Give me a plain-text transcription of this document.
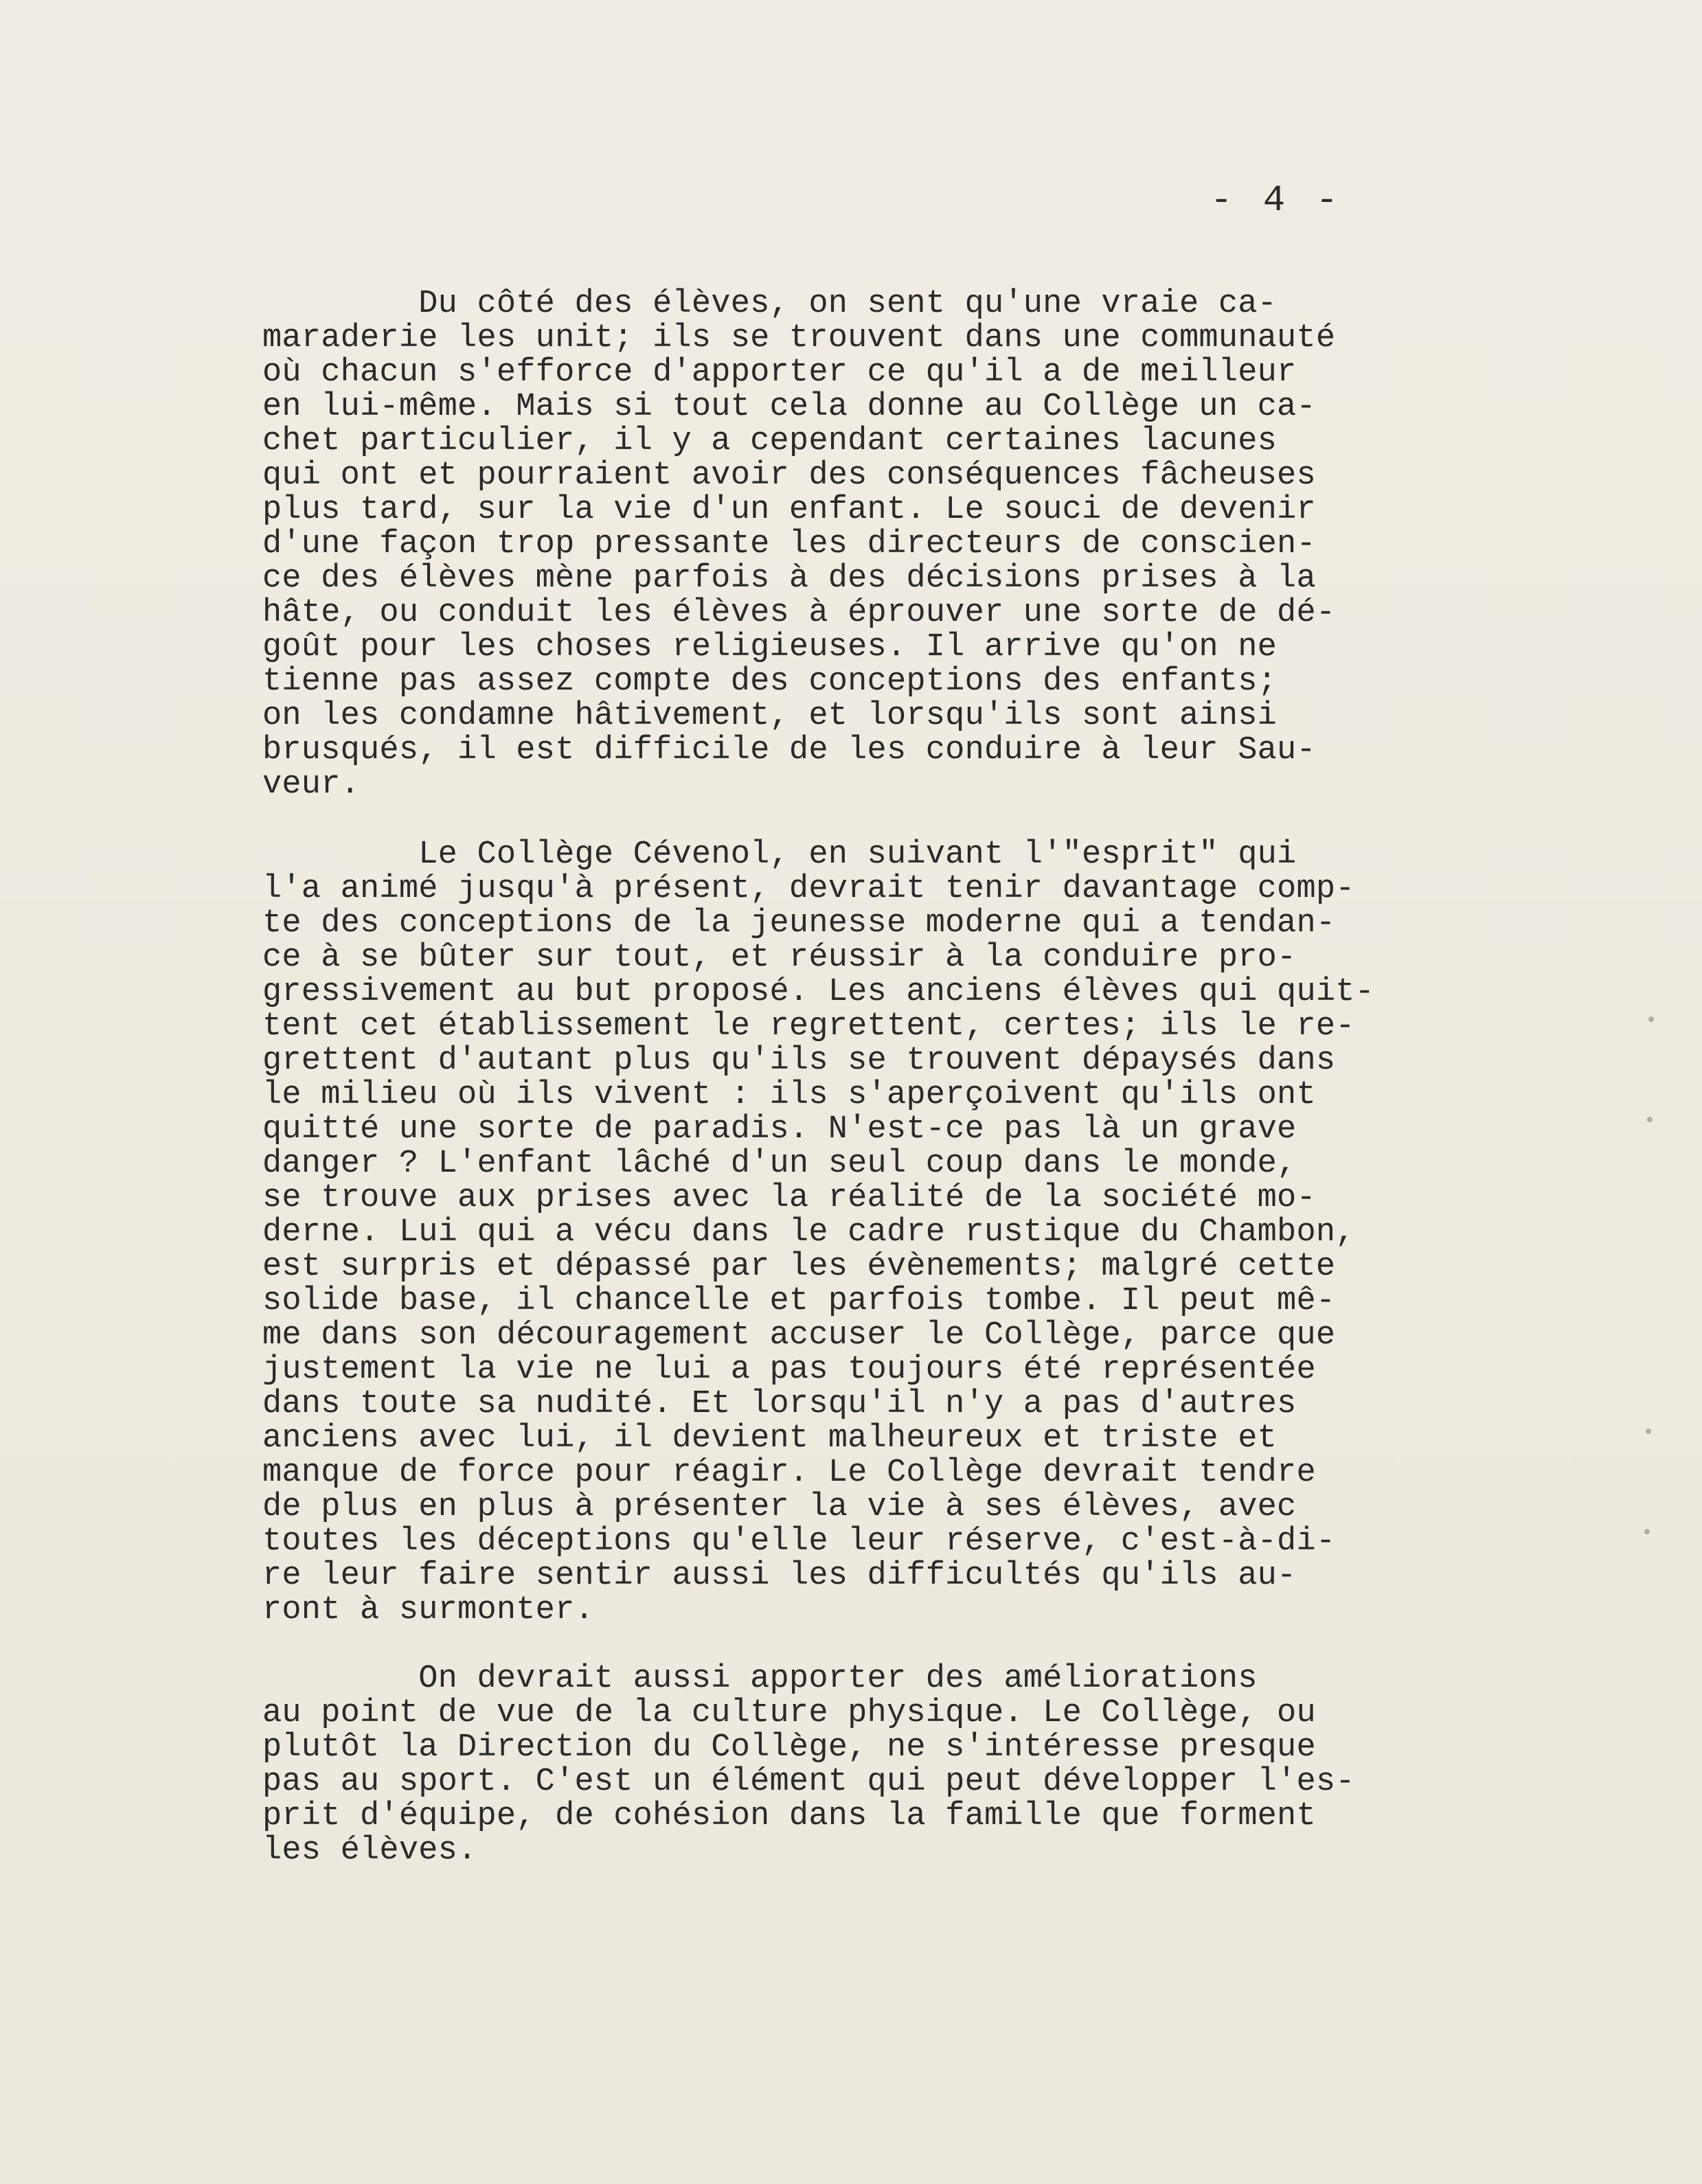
- 4 -
Du côté des élèves, on sent qu'une vraie ca-
maraderie les unit; ils se trouvent dans une communauté
où chacun s'efforce d'apporter ce qu'il a de meilleur
en lui-même. Mais si tout cela donne au Collège un ca-
chet particulier, il y a cependant certaines lacunes
qui ont et pourraient avoir des conséquences fâcheuses
plus tard, sur la vie d'un enfant. Le souci de devenir
d'une façon trop pressante les directeurs de conscien-
ce des élèves mène parfois à des décisions prises à la
hâte, ou conduit les élèves à éprouver une sorte de dé-
goût pour les choses religieuses. Il arrive qu'on ne
tienne pas assez compte des conceptions des enfants;
on les condamne hâtivement, et lorsqu'ils sont ainsi
brusqués, il est difficile de les conduire à leur Sau-
veur.
Le Collège Cévenol, en suivant l'"esprit" qui
l'a animé jusqu'à présent, devrait tenir davantage comp-
te des conceptions de la jeunesse moderne qui a tendan-
ce à se bûter sur tout, et réussir à la conduire pro-
gressivement au but proposé. Les anciens élèves qui quit-
tent cet établissement le regrettent, certes; ils le re-
grettent d'autant plus qu'ils se trouvent dépaysés dans
le milieu où ils vivent : ils s'aperçoivent qu'ils ont
quitté une sorte de paradis. N'est-ce pas là un grave
danger ? L'enfant lâché d'un seul coup dans le monde,
se trouve aux prises avec la réalité de la société mo-
derne. Lui qui a vécu dans le cadre rustique du Chambon,
est surpris et dépassé par les évènements; malgré cette
solide base, il chancelle et parfois tombe. Il peut mê-
me dans son découragement accuser le Collège, parce que
justement la vie ne lui a pas toujours été représentée
dans toute sa nudité. Et lorsqu'il n'y a pas d'autres
anciens avec lui, il devient malheureux et triste et
manque de force pour réagir. Le Collège devrait tendre
de plus en plus à présenter la vie à ses élèves, avec
toutes les déceptions qu'elle leur réserve, c'est-à-di-
re leur faire sentir aussi les difficultés qu'ils au-
ront à surmonter.
On devrait aussi apporter des améliorations
au point de vue de la culture physique. Le Collège, ou
plutôt la Direction du Collège, ne s'intéresse presque
pas au sport. C'est un élément qui peut développer l'es-
prit d'équipe, de cohésion dans la famille que forment
les élèves.
